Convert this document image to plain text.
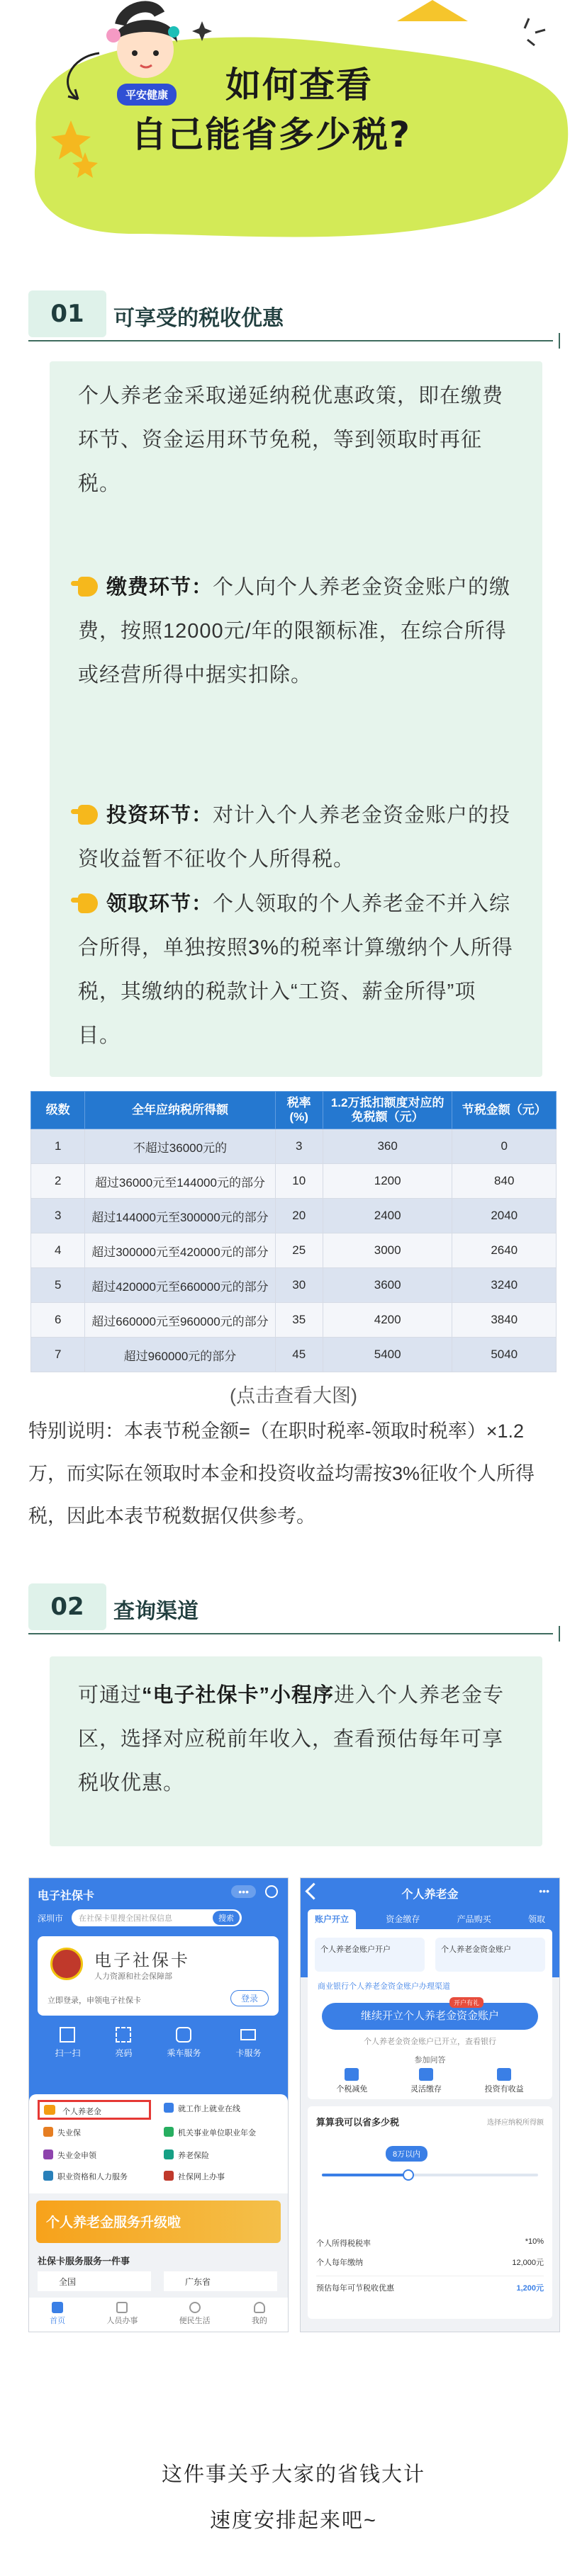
平安健康 如何查看
自己能省多少税?
01	可享受的税收优惠
个人养老金采取递延纳税优惠政策，即在缴费环节、资金运用环节免税，等到领取时再征税。
缴费环节：个人向个人养老金资金账户的缴费，按照12000元/年的限额标准，在综合所得或经营所得中据实扣除。
投资环节：对计入个人养老金资金账户的投资收益暂不征收个人所得税。
领取环节：个人领取的个人养老金不并入综合所得，单独按照3%的税率计算缴纳个人所得税，其缴纳的税款计入“工资、薪金所得”项目。
级数	全年应纳税所得额	税率(%)	1.2万抵扣额度对应的免税额（元）	节税金额（元）
1	不超过36000元的	3	360	0
2	超过36000元至144000元的部分	10	1200	840
3	超过144000元至300000元的部分	20	2400	2040
4	超过300000元至420000元的部分	25	3000	2640
5	超过420000元至660000元的部分	30	3600	3240
6	超过660000元至960000元的部分	35	4200	3840
7	超过960000元的部分	45	5400	5040
(点击查看大图)
特别说明：本表节税金额=（在职时税率-领取时税率）×1.2万，而实际在领取时本金和投资收益均需按3%征收个人所得税，因此本表节税数据仅供参考。
02	查询渠道
可通过“电子社保卡”小程序进入个人养老金专区，选择对应税前年收入，查看预估每年可享税收优惠。
电子社保卡	•••
深圳市 在社保卡里搜全国社保信息	搜索
电子社保卡
人力资源和社会保障部
立即登录，申领电子社保卡	登录
扫一扫	亮码	乘车服务	卡服务
个人养老金	就工作上就业在线
失业保	机关事业单位职业年金
失业金申领	养老保险
职业资格和人力服务	社保网上办事
个人养老金服务升级啦
社保卡服务服务一件事
全国	广东省
首页	人员办事	便民生活	我的
个人养老金	•••
账户开立	资金缴存	产品购买	领取
个人养老金账户开户	个人养老金资金账户
商业银行个人养老金资金账户办理渠道
继续开立个人养老金资金账户
开户有礼
个人养老金资金账户已开立，查看银行
参加问答
个税减免	灵活缴存	投资有收益
算算我可以省多少税	选择应纳税所得额
8万以内
个人所得税税率	*10%
个人每年缴纳	12,000元
预估每年可节税收优惠	1,200元
这件事关乎大家的省钱大计
速度安排起来吧~
